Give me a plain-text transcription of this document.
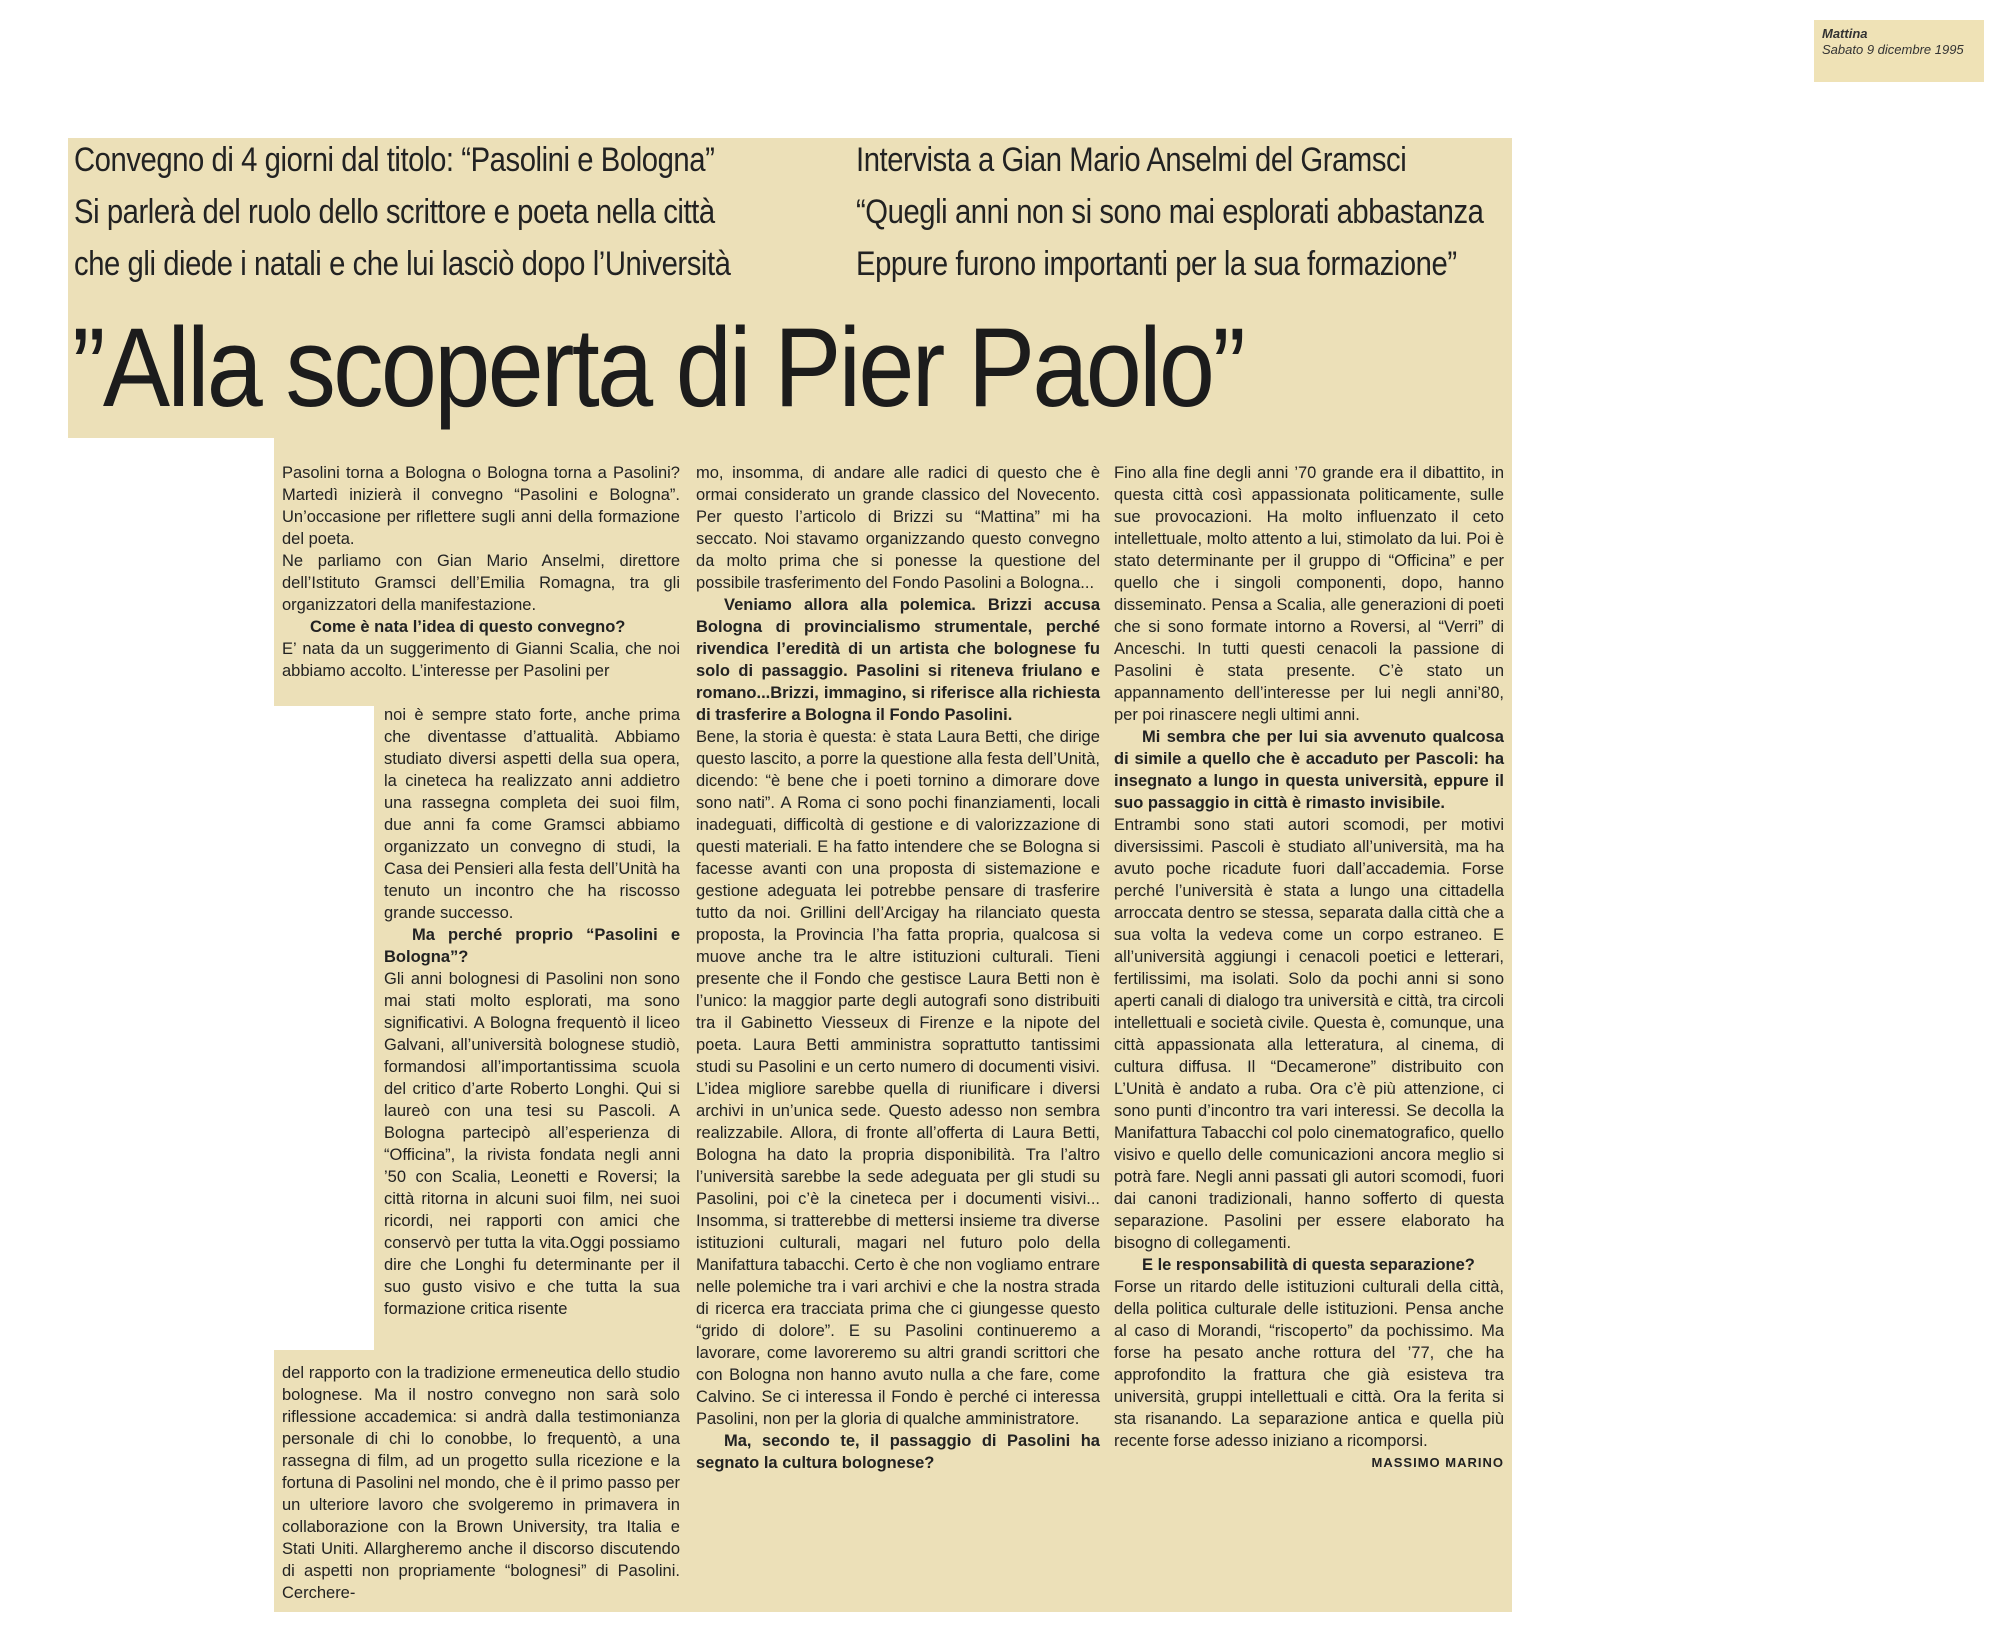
Mattina
Sabato 9 dicembre 1995

Convegno di 4 giorni dal titolo: “Pasolini e Bologna”
Si parlerà del ruolo dello scrittore e poeta nella città
che gli diede i natali e che lui lasciò dopo l’Università
Intervista a Gian Mario Anselmi del Gramsci
“Quegli anni non si sono mai esplorati abbastanza
Eppure furono importanti per la sua formazione”
”Alla scoperta di Pier Paolo”

Pasolini torna a Bologna o Bologna torna a Pasolini? Martedì inizierà il convegno “Pasolini e Bologna”. Un’occasione per riflettere sugli anni della formazione del poeta.

Ne parliamo con Gian Mario Anselmi, direttore dell’Istituto Gramsci dell’Emilia Romagna, tra gli organizzatori della manifestazione.

Come è nata l’idea di questo convegno?

E’ nata da un suggerimento di Gianni Scalia, che noi abbiamo accolto. L’interesse per Pasolini per

noi è sempre stato forte, anche prima che diventasse d’attualità. Abbiamo studiato diversi aspetti della sua opera, la cineteca ha realizzato anni addietro una rassegna completa dei suoi film, due anni fa come Gramsci abbiamo organizzato un convegno di studi, la Casa dei Pensieri alla festa dell’Unità ha tenuto un incontro che ha riscosso grande successo.

Ma perché proprio “Pasolini e Bologna”?

Gli anni bolognesi di Pasolini non sono mai stati molto esplorati, ma sono significativi. A Bologna frequentò il liceo Galvani, all’università bolognese studiò, formandosi all’importantissima scuola del critico d’arte Roberto Longhi. Qui si laureò con una tesi su Pascoli. A Bologna partecipò all’esperienza di “Officina”, la rivista fondata negli anni ’50 con Scalia, Leonetti e Roversi; la città ritorna in alcuni suoi film, nei suoi ricordi, nei rapporti con amici che conservò per tutta la vita.Oggi possiamo dire che Longhi fu determinante per il suo gusto visivo e che tutta la sua formazione critica risente

del rapporto con la tradizione ermeneutica dello studio bolognese. Ma il nostro convegno non sarà solo riflessione accademica: si andrà dalla testimonianza personale di chi lo conobbe, lo frequentò, a una rassegna di film, ad un progetto sulla ricezione e la fortuna di Pasolini nel mondo, che è il primo passo per un ulteriore lavoro che svolgeremo in primavera in collaborazione con la Brown University, tra Italia e Stati Uniti. Allargheremo anche il discorso discutendo di aspetti non propriamente “bolognesi” di Pasolini. Cerchere-

mo, insomma, di andare alle radici di questo che è ormai considerato un grande classico del Novecento. Per questo l’articolo di Brizzi su “Mattina” mi ha seccato. Noi stavamo organizzando questo convegno da molto prima che si ponesse la questione del possibile trasferimento del Fondo Pasolini a Bologna...

Veniamo allora alla polemica. Brizzi accusa Bologna di provincialismo strumentale, perché rivendica l’eredità di un artista che bolognese fu solo di passaggio. Pasolini si riteneva friulano e romano...Brizzi, immagino, si riferisce alla richiesta di trasferire a Bologna il Fondo Pasolini.

Bene, la storia è questa: è stata Laura Betti, che dirige questo lascito, a porre la questione alla festa dell’Unità, dicendo: “è bene che i poeti tornino a dimorare dove sono nati”. A Roma ci sono pochi finanziamenti, locali inadeguati, difficoltà di gestione e di valorizzazione di questi materiali. E ha fatto intendere che se Bologna si facesse avanti con una proposta di sistemazione e gestione adeguata lei potrebbe pensare di trasferire tutto da noi. Grillini dell’Arcigay ha rilanciato questa proposta, la Provincia l’ha fatta propria, qualcosa si muove anche tra le altre istituzioni culturali. Tieni presente che il Fondo che gestisce Laura Betti non è l’unico: la maggior parte degli autografi sono distribuiti tra il Gabinetto Viesseux di Firenze e la nipote del poeta. Laura Betti amministra soprattutto tantissimi studi su Pasolini e un certo numero di documenti visivi. L’idea migliore sarebbe quella di riunificare i diversi archivi in un’unica sede. Questo adesso non sembra realizzabile. Allora, di fronte all’offerta di Laura Betti, Bologna ha dato la propria disponibilità. Tra l’altro l’università sarebbe la sede adeguata per gli studi su Pasolini, poi c’è la cineteca per i documenti visivi... Insomma, si tratterebbe di mettersi insieme tra diverse istituzioni culturali, magari nel futuro polo della Manifattura tabacchi. Certo è che non vogliamo entrare nelle polemiche tra i vari archivi e che la nostra strada di ricerca era tracciata prima che ci giungesse questo “grido di dolore”. E su Pasolini continueremo a lavorare, come lavoreremo su altri grandi scrittori che con Bologna non hanno avuto nulla a che fare, come Calvino. Se ci interessa il Fondo è perché ci interessa Pasolini, non per la gloria di qualche amministratore.

Ma, secondo te, il passaggio di Pasolini ha segnato la cultura bolognese?

Fino alla fine degli anni ’70 grande era il dibattito, in questa città così appassionata politicamente, sulle sue provocazioni. Ha molto influenzato il ceto intellettuale, molto attento a lui, stimolato da lui. Poi è stato determinante per il gruppo di “Officina” e per quello che i singoli componenti, dopo, hanno disseminato. Pensa a Scalia, alle generazioni di poeti che si sono formate intorno a Roversi, al “Verri” di Anceschi. In tutti questi cenacoli la passione di Pasolini è stata presente. C’è stato un appannamento dell’interesse per lui negli anni’80, per poi rinascere negli ultimi anni.

Mi sembra che per lui sia avvenuto qualcosa di simile a quello che è accaduto per Pascoli: ha insegnato a lungo in questa università, eppure il suo passaggio in città è rimasto invisibile.

Entrambi sono stati autori scomodi, per motivi diversissimi. Pascoli è studiato all’università, ma ha avuto poche ricadute fuori dall’accademia. Forse perché l’università è stata a lungo una cittadella arroccata dentro se stessa, separata dalla città che a sua volta la vedeva come un corpo estraneo. E all’università aggiungi i cenacoli poetici e letterari, fertilissimi, ma isolati. Solo da pochi anni si sono aperti canali di dialogo tra università e città, tra circoli intellettuali e società civile. Questa è, comunque, una città appassionata alla letteratura, al cinema, di cultura diffusa. Il “Decamerone” distribuito con L’Unità è andato a ruba. Ora c’è più attenzione, ci sono punti d’incontro tra vari interessi. Se decolla la Manifattura Tabacchi col polo cinematografico, quello visivo e quello delle comunicazioni ancora meglio si potrà fare. Negli anni passati gli autori scomodi, fuori dai canoni tradizionali, hanno sofferto di questa separazione. Pasolini per essere elaborato ha bisogno di collegamenti.

E le responsabilità di questa separazione?

Forse un ritardo delle istituzioni culturali della città, della politica culturale delle istituzioni. Pensa anche al caso di Morandi, “riscoperto” da pochissimo. Ma forse ha pesato anche rottura del ’77, che ha approfondito la frattura che già esisteva tra università, gruppi intellettuali e città. Ora la ferita si sta risanando. La separazione antica e quella più recente forse adesso iniziano a ricomporsi.

MASSIMO MARINO
